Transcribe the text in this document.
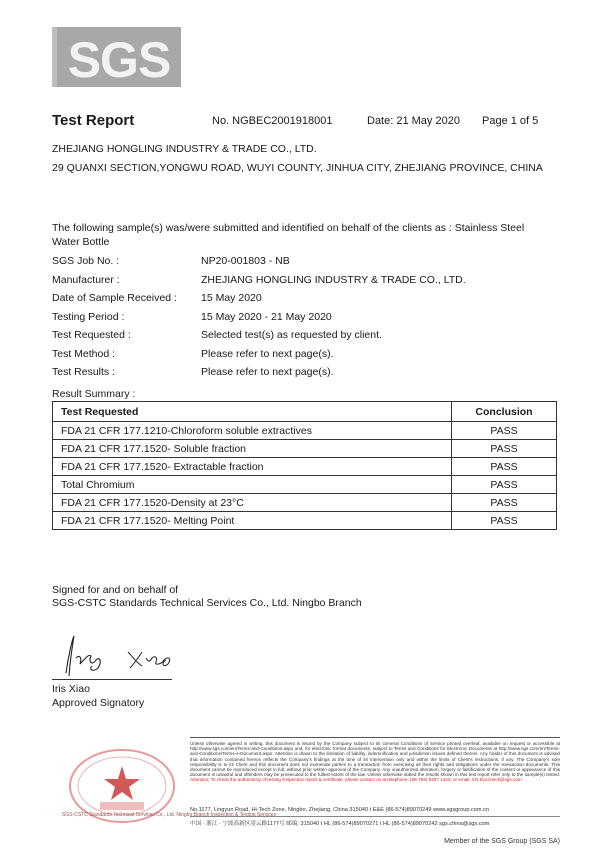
SGS
Test Report	No. NGBEC2001918001	Date: 21 May 2020 Page 1 of 5
ZHEJIANG HONGLING INDUSTRY & TRADE CO., LTD.
29 QUANXI SECTION,YONGWU ROAD, WUYI COUNTY, JINHUA CITY, ZHEJIANG PROVINCE, CHINA
The following sample(s) was/were submitted and identified on behalf of the clients as : Stainless Steel Water Bottle
SGS Job No. :	NP20-001803 - NB
Manufacturer :	ZHEJIANG HONGLING INDUSTRY & TRADE CO., LTD.
Date of Sample Received : 15 May 2020
Testing Period :	15 May 2020 - 21 May 2020
Test Requested :	Selected test(s) as requested by client.
Test Method :	Please refer to next page(s).
Test Results :	Please refer to next page(s).
Result Summary :
Test Requested	Conclusion
FDA 21 CFR 177.1210-Chloroform soluble extractives	PASS
FDA 21 CFR 177.1520- Soluble fraction	PASS
FDA 21 CFR 177.1520- Extractable fraction	PASS
Total Chromium	PASS
FDA 21 CFR 177.1520-Density at 23°C	PASS
FDA 21 CFR 177.1520- Melting Point	PASS
Signed for and on behalf of
SGS-CSTC Standards Technical Services Co., Ltd. Ningbo Branch
Iris Xiao
Approved Signatory
SGS-CSTC Standards Technical Services Co., Ltd. Ningbo Branch Inspection & Testing Services
Unless otherwise agreed in writing, this document is issued by the Company subject to its General Conditions of Service printed overleaf, available on request or accessible at http://www.sgs.com/en/Terms-and-Conditions.aspx and, for electronic format documents, subject to Terms and Conditions for Electronic Documents at http://www.sgs.com/en/Terms-and-Conditions/Terms-e-Document.aspx. Attention is drawn to the limitation of liability, indemnification and jurisdiction issues defined therein. Any holder of this document is advised that information contained hereon reflects the Company's findings at the time of its intervention only and within the limits of Client's instructions, if any. The Company's sole responsibility is to its Client and this document does not exonerate parties to a transaction from exercising all their rights and obligations under the transaction documents. This document cannot be reproduced except in full, without prior written approval of the Company. Any unauthorized alteration, forgery or falsification of the content or appearance of this document is unlawful and offenders may be prosecuted to the fullest extent of the law. Unless otherwise stated the results shown in this test report refer only to the sample(s) tested. Attention: To check the authenticity of testing /inspection report & certificate, please contact us at telephone: (86-755) 8307 1443, or email: CN.Doccheck@sgs.com
No.1177, Lingyun Road, Hi-Tech Zone, Ningbo, Zhejiang, China 315040 t E&E (86-574)89070249 www.sgsgroup.com.cn
中国 · 浙江 · 宁波高新区凌云路1177号 邮编: 315040 t HL (86-574)89070271 t HL (86-574)89070242 sgs.china@sgs.com
Member of the SGS Group (SGS SA)
